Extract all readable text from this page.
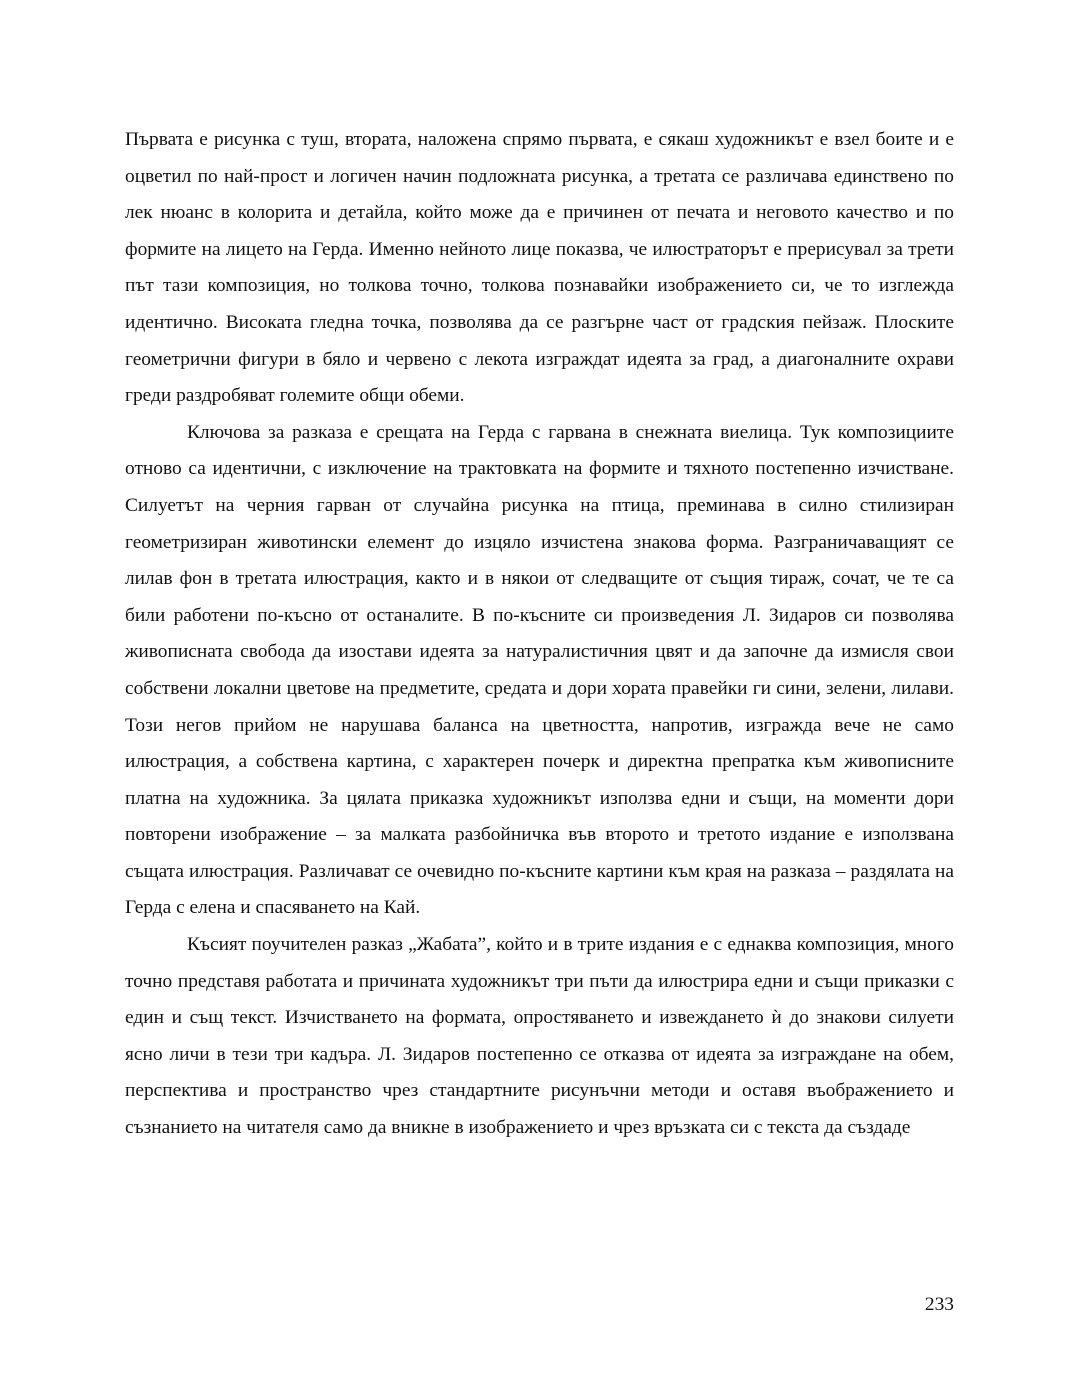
Първата е рисунка с туш, втората, наложена спрямо първата, е сякаш художникът е взел боите и е оцветил по най-прост и логичен начин подложната рисунка, а третата се различава единствено по лек нюанс в колорита и детайла, който може да е причинен от печата и неговото качество и по формите на лицето на Герда. Именно нейното лице показва, че илюстраторът е прерисувал за трети път тази композиция, но толкова точно, толкова познавайки изображението си, че то изглежда идентично. Високата гледна точка, позволява да се разгърне част от градския пейзаж. Плоските геометрични фигури в бяло и червено с лекота изграждат идеята за град, а диагоналните охрави греди раздробяват големите общи обеми.

Ключова за разказа е срещата на Герда с гарвана в снежната виелица. Тук композициите отново са идентични, с изключение на трактовката на формите и тяхното постепенно изчистване. Силуетът на черния гарван от случайна рисунка на птица, преминава в силно стилизиран геометризиран животински елемент до изцяло изчистена знакова форма. Разграничаващият се лилав фон в третата илюстрация, както и в някои от следващите от същия тираж, сочат, че те са били работени по-късно от останалите. В по-късните си произведения Л. Зидаров си позволява живописната свобода да изостави идеята за натуралистичния цвят и да започне да измисля свои собствени локални цветове на предметите, средата и дори хората правейки ги сини, зелени, лилави. Този негов прийом не нарушава баланса на цветността, напротив, изгражда вече не само илюстрация, а собствена картина, с характерен почерк и директна препратка към живописните платна на художника. За цялата приказка художникът използва едни и същи, на моменти дори повторени изображение – за малката разбойничка във второто и третото издание е използвана същата илюстрация. Различават се очевидно по-късните картини към края на разказа – раздялата на Герда с елена и спасяването на Кай.

Късият поучителен разказ „Жабата”, който и в трите издания е с еднаква композиция, много точно представя работата и причината художникът три пъти да илюстрира едни и същи приказки с един и същ текст. Изчистването на формата, опростяването и извеждането ѝ до знакови силуети ясно личи в тези три кадъра. Л. Зидаров постепенно се отказва от идеята за изграждане на обем, перспектива и пространство чрез стандартните рисунъчни методи и оставя въображението и съзнанието на читателя само да вникне в изображението и чрез връзката си с текста да създаде

233
